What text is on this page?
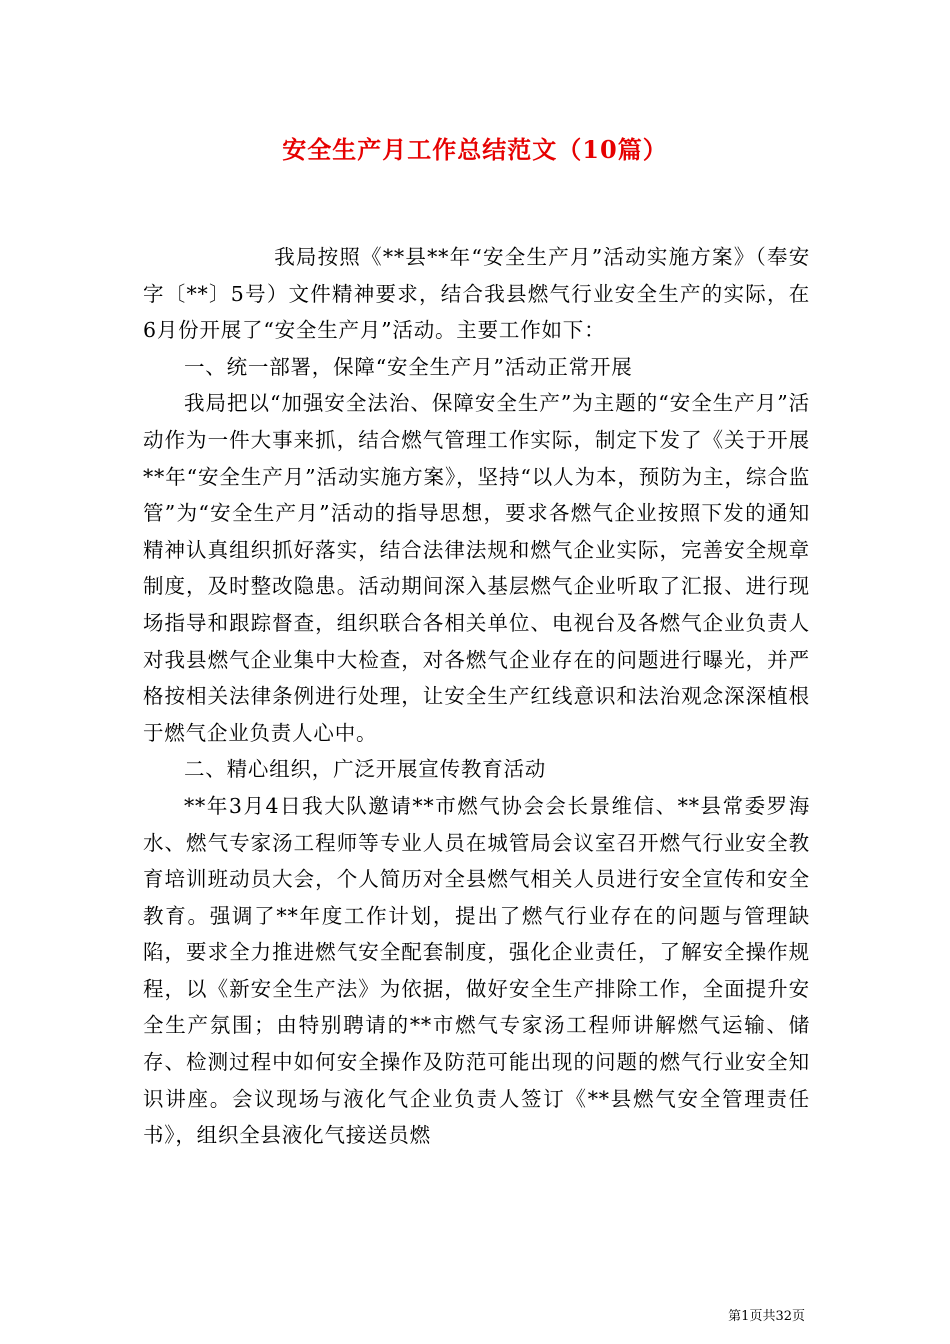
安全生产月工作总结范文（10篇）

我局按照《**县**年“安全生产月”活动实施方案》（奉安字〔**〕5号）文件精神要求，结合我县燃气行业安全生产的实际，在6月份开展了“安全生产月”活动。主要工作如下：

一、统一部署，保障“安全生产月”活动正常开展

我局把以“加强安全法治、保障安全生产”为主题的“安全生产月”活动作为一件大事来抓，结合燃气管理工作实际，制定下发了《关于开展**年“安全生产月”活动实施方案》，坚持“以人为本，预防为主，综合监管”为“安全生产月”活动的指导思想，要求各燃气企业按照下发的通知精神认真组织抓好落实，结合法律法规和燃气企业实际，完善安全规章制度，及时整改隐患。活动期间深入基层燃气企业听取了汇报、进行现场指导和跟踪督查，组织联合各相关单位、电视台及各燃气企业负责人对我县燃气企业集中大检查，对各燃气企业存在的问题进行曝光，并严格按相关法律条例进行处理，让安全生产红线意识和法治观念深深植根于燃气企业负责人心中。

二、精心组织，广泛开展宣传教育活动

**年3月4日我大队邀请**市燃气协会会长景维信、**县常委罗海水、燃气专家汤工程师等专业人员在城管局会议室召开燃气行业安全教育培训班动员大会，个人简历对全县燃气相关人员进行安全宣传和安全教育。强调了**年度工作计划，提出了燃气行业存在的问题与管理缺陷，要求全力推进燃气安全配套制度，强化企业责任，了解安全操作规程，以《新安全生产法》为依据，做好安全生产排除工作，全面提升安全生产氛围；由特别聘请的**市燃气专家汤工程师讲解燃气运输、储存、检测过程中如何安全操作及防范可能出现的问题的燃气行业安全知识讲座。会议现场与液化气企业负责人签订《**县燃气安全管理责任书》，组织全县液化气接送员燃

第1页共32页
